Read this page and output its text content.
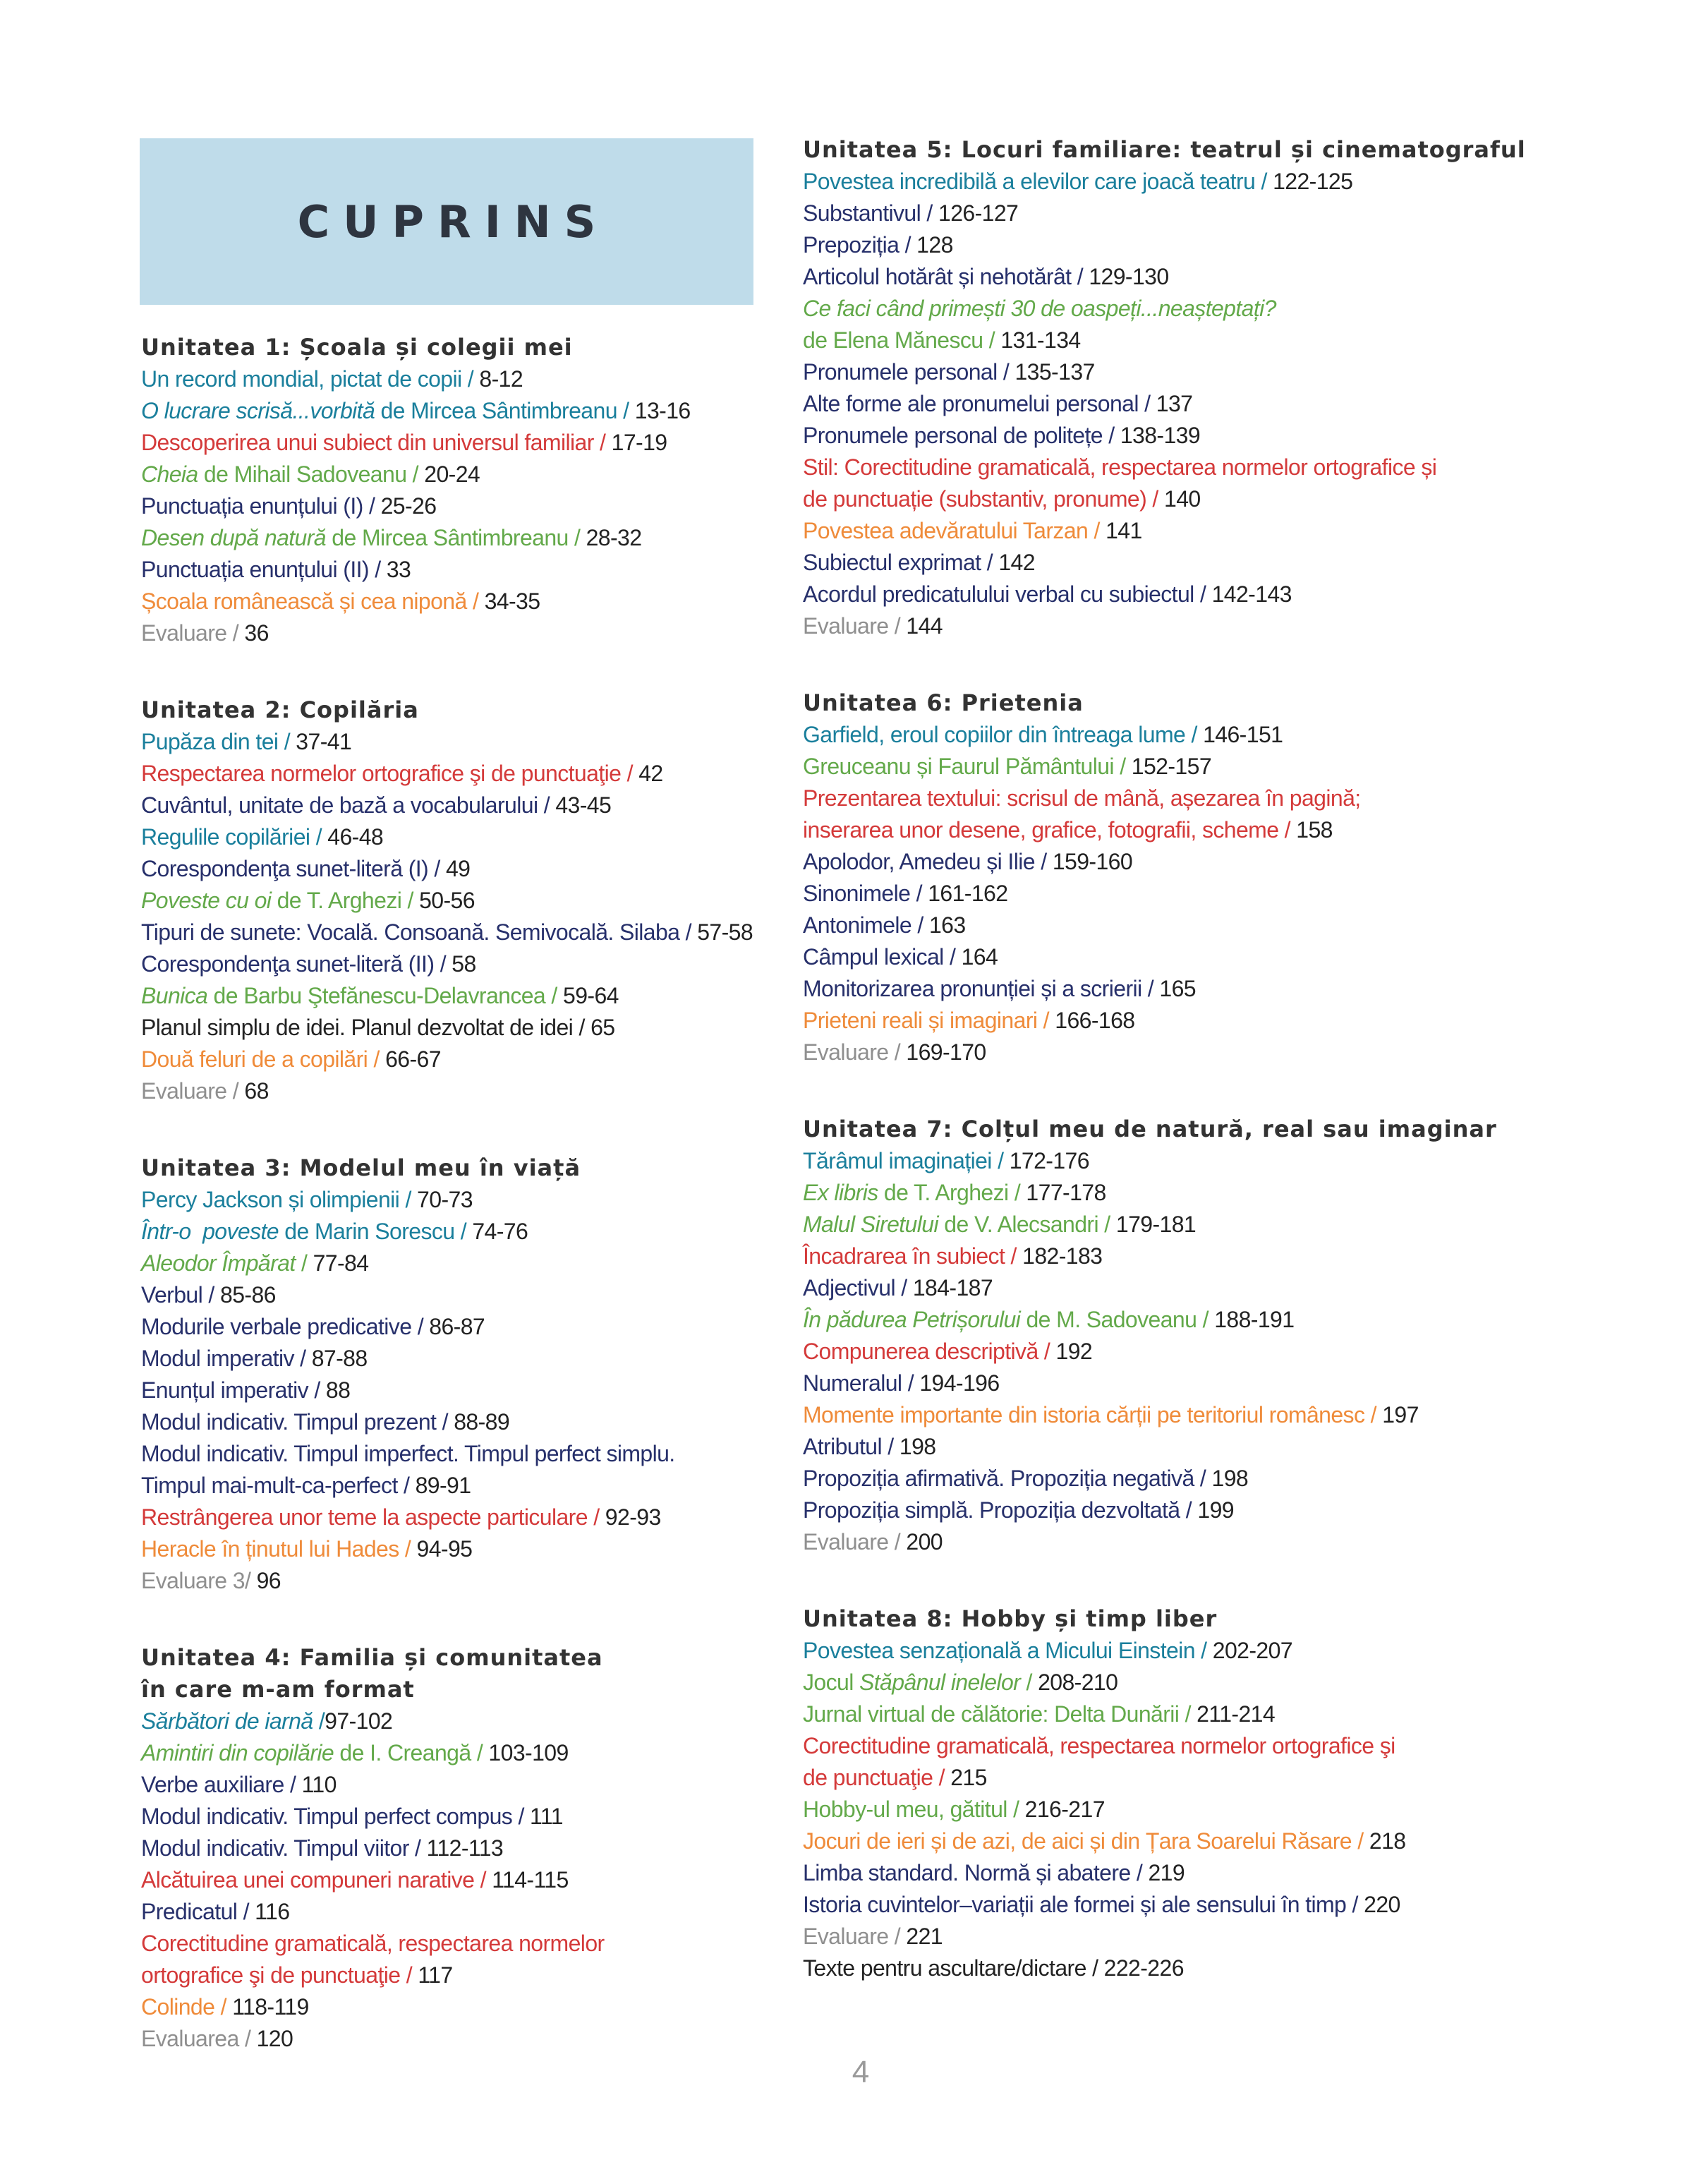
CUPRINS
Unitatea 1: Școala și colegii mei
Un record mondial, pictat de copii / 8-12
O lucrare scrisă...vorbită de Mircea Sântimbreanu / 13-16
Descoperirea unui subiect din universul familiar / 17-19
Cheia de Mihail Sadoveanu / 20-24
Punctuația enunțului (I) / 25-26
Desen după natură de Mircea Sântimbreanu / 28-32
Punctuația enunțului (II) / 33
Școala românească și cea niponă / 34-35
Evaluare / 36
Unitatea 2: Copilăria
Pupăza din tei / 37-41
Respectarea normelor ortografice şi de punctuaţie / 42
Cuvântul, unitate de bază a vocabularului / 43-45
Regulile copilăriei / 46-48
Corespondenţa sunet-literă (I) / 49
Poveste cu oi de T. Arghezi / 50-56
Tipuri de sunete: Vocală. Consoană. Semivocală. Silaba / 57-58
Corespondenţa sunet-literă (II) / 58
Bunica de Barbu Ştefănescu-Delavrancea / 59-64
Planul simplu de idei. Planul dezvoltat de idei / 65
Două feluri de a copilări / 66-67
Evaluare / 68
Unitatea 3: Modelul meu în viață
Percy Jackson și olimpienii / 70-73
Într-o  poveste de Marin Sorescu / 74-76
Aleodor Împărat / 77-84
Verbul / 85-86
Modurile verbale predicative / 86-87
Modul imperativ / 87-88
Enunțul imperativ / 88
Modul indicativ. Timpul prezent / 88-89
Modul indicativ. Timpul imperfect. Timpul perfect simplu.
Timpul mai-mult-ca-perfect / 89-91
Restrângerea unor teme la aspecte particulare / 92-93
Heracle în ținutul lui Hades / 94-95
Evaluare 3/ 96
Unitatea 4: Familia și comunitatea
în care m-am format
Sărbători de iarnă /97-102
Amintiri din copilărie de I. Creangă / 103-109
Verbe auxiliare / 110
Modul indicativ. Timpul perfect compus / 111
Modul indicativ. Timpul viitor / 112-113
Alcătuirea unei compuneri narative / 114-115
Predicatul / 116
Corectitudine gramaticală, respectarea normelor
ortografice şi de punctuaţie / 117
Colinde / 118-119
Evaluarea / 120
Unitatea 5: Locuri familiare: teatrul și cinematograful
Povestea incredibilă a elevilor care joacă teatru / 122-125
Substantivul / 126-127
Prepoziția / 128
Articolul hotărât și nehotărât / 129-130
Ce faci când primești 30 de oaspeți...neașteptați?
de Elena Mănescu / 131-134
Pronumele personal / 135-137
Alte forme ale pronumelui personal / 137
Pronumele personal de politețe / 138-139
Stil: Corectitudine gramaticală, respectarea normelor ortografice și
de punctuație (substantiv, pronume) / 140
Povestea adevăratului Tarzan / 141
Subiectul exprimat / 142
Acordul predicatulului verbal cu subiectul / 142-143
Evaluare / 144
Unitatea 6: Prietenia
Garfield, eroul copiilor din întreaga lume / 146-151
Greuceanu și Faurul Pământului / 152-157
Prezentarea textului: scrisul de mână, așezarea în pagină;
inserarea unor desene, grafice, fotografii, scheme / 158
Apolodor, Amedeu și Ilie / 159-160
Sinonimele / 161-162
Antonimele / 163
Câmpul lexical / 164
Monitorizarea pronunției și a scrierii / 165
Prieteni reali și imaginari / 166-168
Evaluare / 169-170
Unitatea 7: Colțul meu de natură, real sau imaginar
Tărâmul imaginației / 172-176
Ex libris de T. Arghezi / 177-178
Malul Siretului de V. Alecsandri / 179-181
Încadrarea în subiect / 182-183
Adjectivul / 184-187
În pădurea Petrișorului de M. Sadoveanu / 188-191
Compunerea descriptivă / 192
Numeralul / 194-196
Momente importante din istoria cărții pe teritoriul românesc / 197
Atributul / 198
Propoziția afirmativă. Propoziția negativă / 198
Propoziția simplă. Propoziția dezvoltată / 199
Evaluare / 200
Unitatea 8: Hobby și timp liber
Povestea senzațională a Micului Einstein / 202-207
Jocul Stăpânul inelelor / 208-210
Jurnal virtual de călătorie: Delta Dunării / 211-214
Corectitudine gramaticală, respectarea normelor ortografice şi
de punctuaţie / 215
Hobby-ul meu, gătitul / 216-217
Jocuri de ieri și de azi, de aici și din Țara Soarelui Răsare / 218
Limba standard. Normă și abatere / 219
Istoria cuvintelor–variații ale formei și ale sensului în timp / 220
Evaluare / 221
Texte pentru ascultare/dictare / 222-226
4
